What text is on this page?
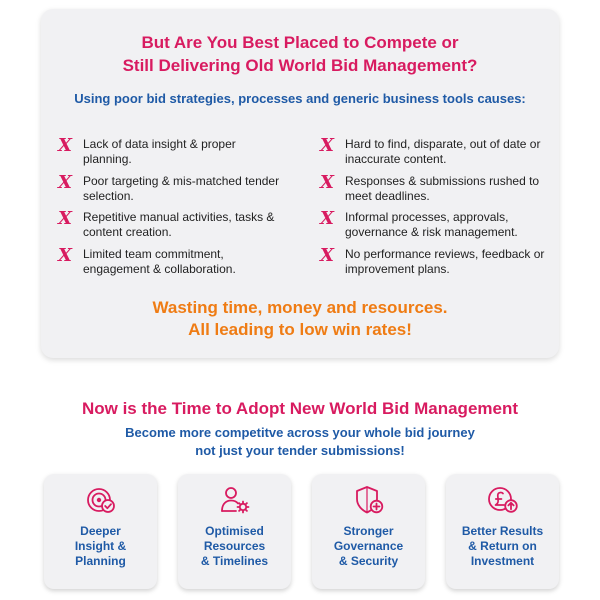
But Are You Best Placed to Compete or
Still Delivering Old World Bid Management?
Using poor bid strategies, processes and generic business tools causes:
X Lack of data insight & proper planning.
X Poor targeting & mis-matched tender selection.
X Repetitive manual activities, tasks & content creation.
X Limited team commitment, engagement & collaboration.
X Hard to find, disparate, out of date or inaccurate content.
X Responses & submissions rushed to meet deadlines.
X Informal processes, approvals, governance & risk management.
X No performance reviews, feedback or improvement plans.
Wasting time, money and resources.
All leading to low win rates!
Now is the Time to Adopt New World Bid Management
Become more competitve across your whole bid journey
not just your tender submissions!
Deeper
Insight &
Planning
Optimised
Resources
& Timelines
Stronger
Governance
& Security
Better Results
& Return on
Investment
